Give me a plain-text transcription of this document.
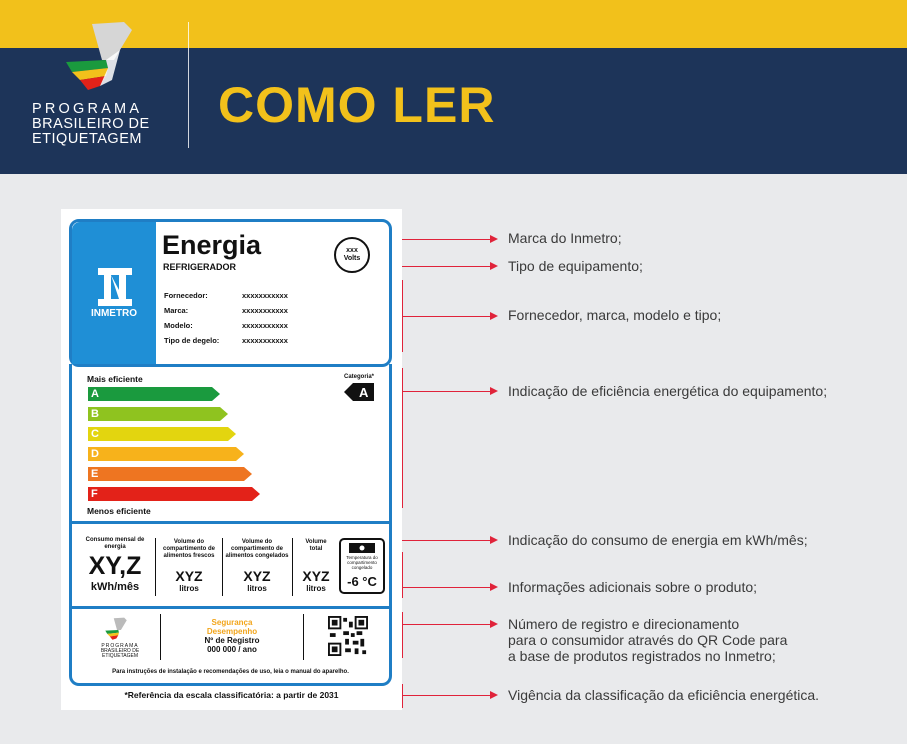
PROGRAMA
BRASILEIRO DE
ETIQUETAGEM
COMO LER
INMETRO
Energia
REFRIGERADOR
xxx
Volts
Fornecedor:	xxxxxxxxxxx
Marca:	xxxxxxxxxxx
Modelo:	xxxxxxxxxxx
Tipo de degelo:	xxxxxxxxxxx
Mais eficiente
A
B
C
D
E
F
Menos eficiente
Categoria*
A
Consumo mensal de energia
XY,Z
kWh/mês
Volume do compartimento de alimentos frescos
XYZ
litros
Volume do compartimento de alimentos congelados
XYZ
litros
Volume total
XYZ
litros
Temperatura do compartimento congelado
-6 °C
PROGRAMA
BRASILEIRO DE
ETIQUETAGEM
Segurança
Desempenho
Nº de Registro
000 000 / ano
Para instruções de instalação e recomendações de uso, leia o manual do aparelho.
*Referência da escala classificatória: a partir de 2031
Marca do Inmetro;
Tipo de equipamento;
Fornecedor, marca, modelo e tipo;
Indicação de eficiência energética do equipamento;
Indicação do consumo de energia em kWh/mês;
Informações adicionais sobre o produto;
Número de registro e direcionamento
para o consumidor através do QR Code para
a base de produtos registrados no Inmetro;
Vigência da classificação da eficiência energética.
